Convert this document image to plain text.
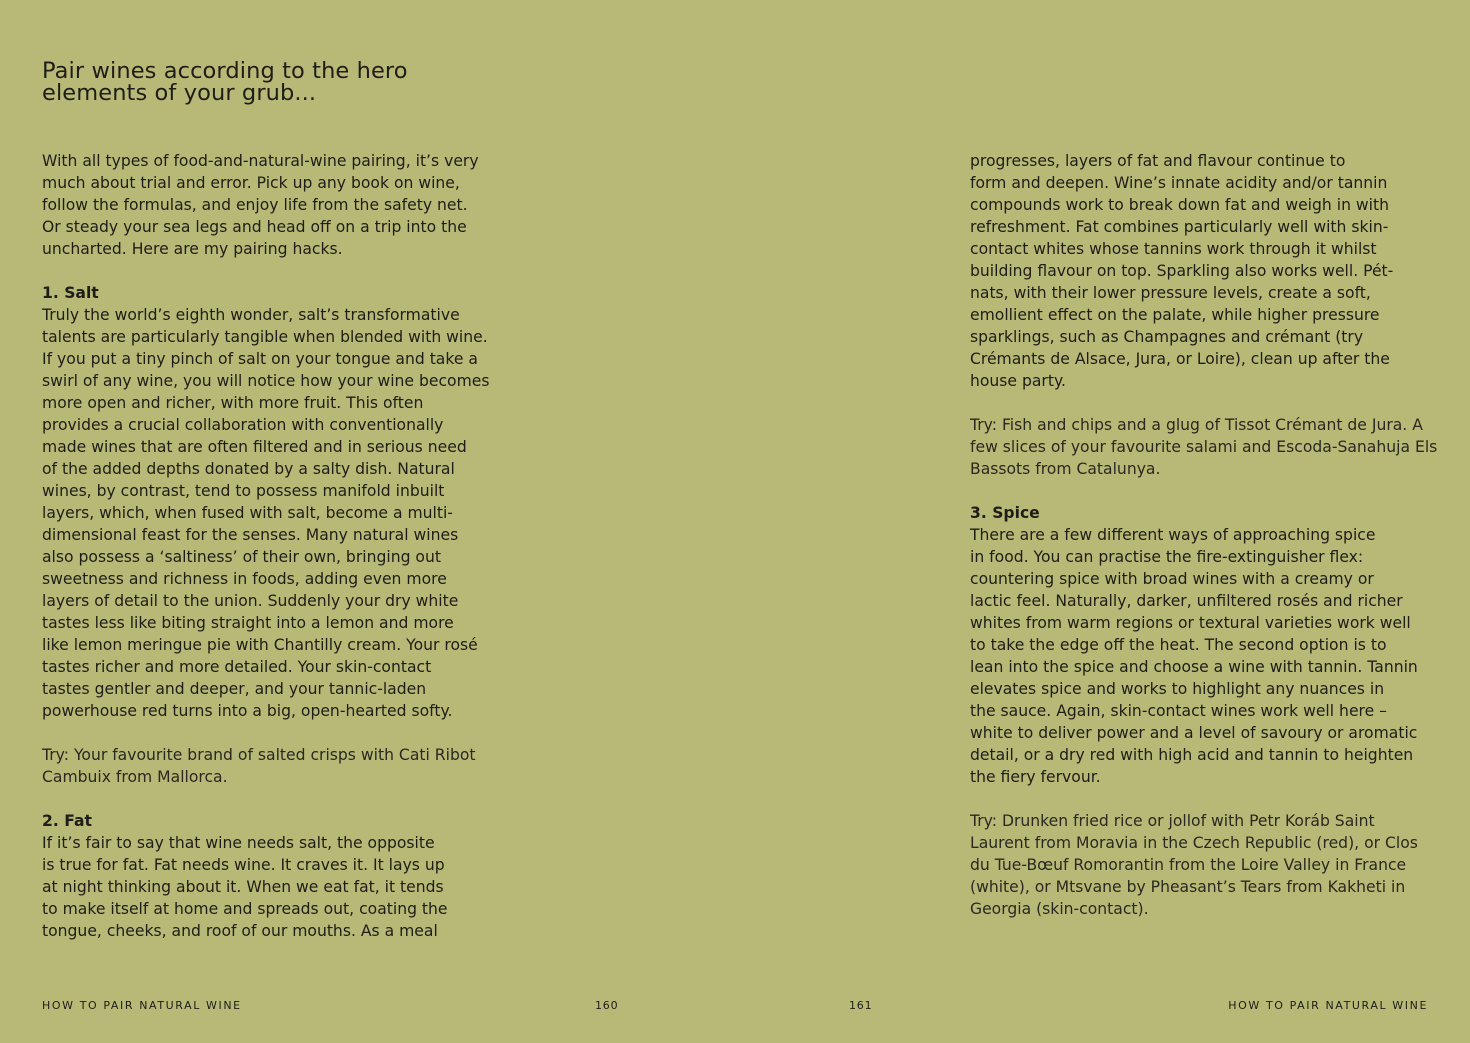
Pair wines according to the hero
elements of your grub...
With all types of food-and-natural-wine pairing, it’s very
much about trial and error. Pick up any book on wine,
follow the formulas, and enjoy life from the safety net.
Or steady your sea legs and head off on a trip into the
uncharted. Here are my pairing hacks.
1. Salt
Truly the world’s eighth wonder, salt’s transformative
talents are particularly tangible when blended with wine.
If you put a tiny pinch of salt on your tongue and take a
swirl of any wine, you will notice how your wine becomes
more open and richer, with more fruit. This often
provides a crucial collaboration with conventionally
made wines that are often filtered and in serious need
of the added depths donated by a salty dish. Natural
wines, by contrast, tend to possess manifold inbuilt
layers, which, when fused with salt, become a multi-
dimensional feast for the senses. Many natural wines
also possess a ‘saltiness’ of their own, bringing out
sweetness and richness in foods, adding even more
layers of detail to the union. Suddenly your dry white
tastes less like biting straight into a lemon and more
like lemon meringue pie with Chantilly cream. Your rosé
tastes richer and more detailed. Your skin-contact
tastes gentler and deeper, and your tannic-laden
powerhouse red turns into a big, open-hearted softy.
Try: Your favourite brand of salted crisps with Cati Ribot
Cambuix from Mallorca.
2. Fat
If it’s fair to say that wine needs salt, the opposite
is true for fat. Fat needs wine. It craves it. It lays up
at night thinking about it. When we eat fat, it tends
to make itself at home and spreads out, coating the
tongue, cheeks, and roof of our mouths. As a meal
HOW TO PAIR NATURAL WINE	160
progresses, layers of fat and flavour continue to
form and deepen. Wine’s innate acidity and/or tannin
compounds work to break down fat and weigh in with
refreshment. Fat combines particularly well with skin-
contact whites whose tannins work through it whilst
building flavour on top. Sparkling also works well. Pét-
nats, with their lower pressure levels, create a soft,
emollient effect on the palate, while higher pressure
sparklings, such as Champagnes and crémant (try
Crémants de Alsace, Jura, or Loire), clean up after the
house party.
Try: Fish and chips and a glug of Tissot Crémant de Jura. A
few slices of your favourite salami and Escoda-Sanahuja Els
Bassots from Catalunya.
3. Spice
There are a few different ways of approaching spice
in food. You can practise the fire-extinguisher flex:
countering spice with broad wines with a creamy or
lactic feel. Naturally, darker, unfiltered rosés and richer
whites from warm regions or textural varieties work well
to take the edge off the heat. The second option is to
lean into the spice and choose a wine with tannin. Tannin
elevates spice and works to highlight any nuances in
the sauce. Again, skin-contact wines work well here –
white to deliver power and a level of savoury or aromatic
detail, or a dry red with high acid and tannin to heighten
the fiery fervour.
Try: Drunken fried rice or jollof with Petr Koráb Saint
Laurent from Moravia in the Czech Republic (red), or Clos
du Tue-Bœuf Romorantin from the Loire Valley in France
(white), or Mtsvane by Pheasant’s Tears from Kakheti in
Georgia (skin-contact).
161	HOW TO PAIR NATURAL WINE
